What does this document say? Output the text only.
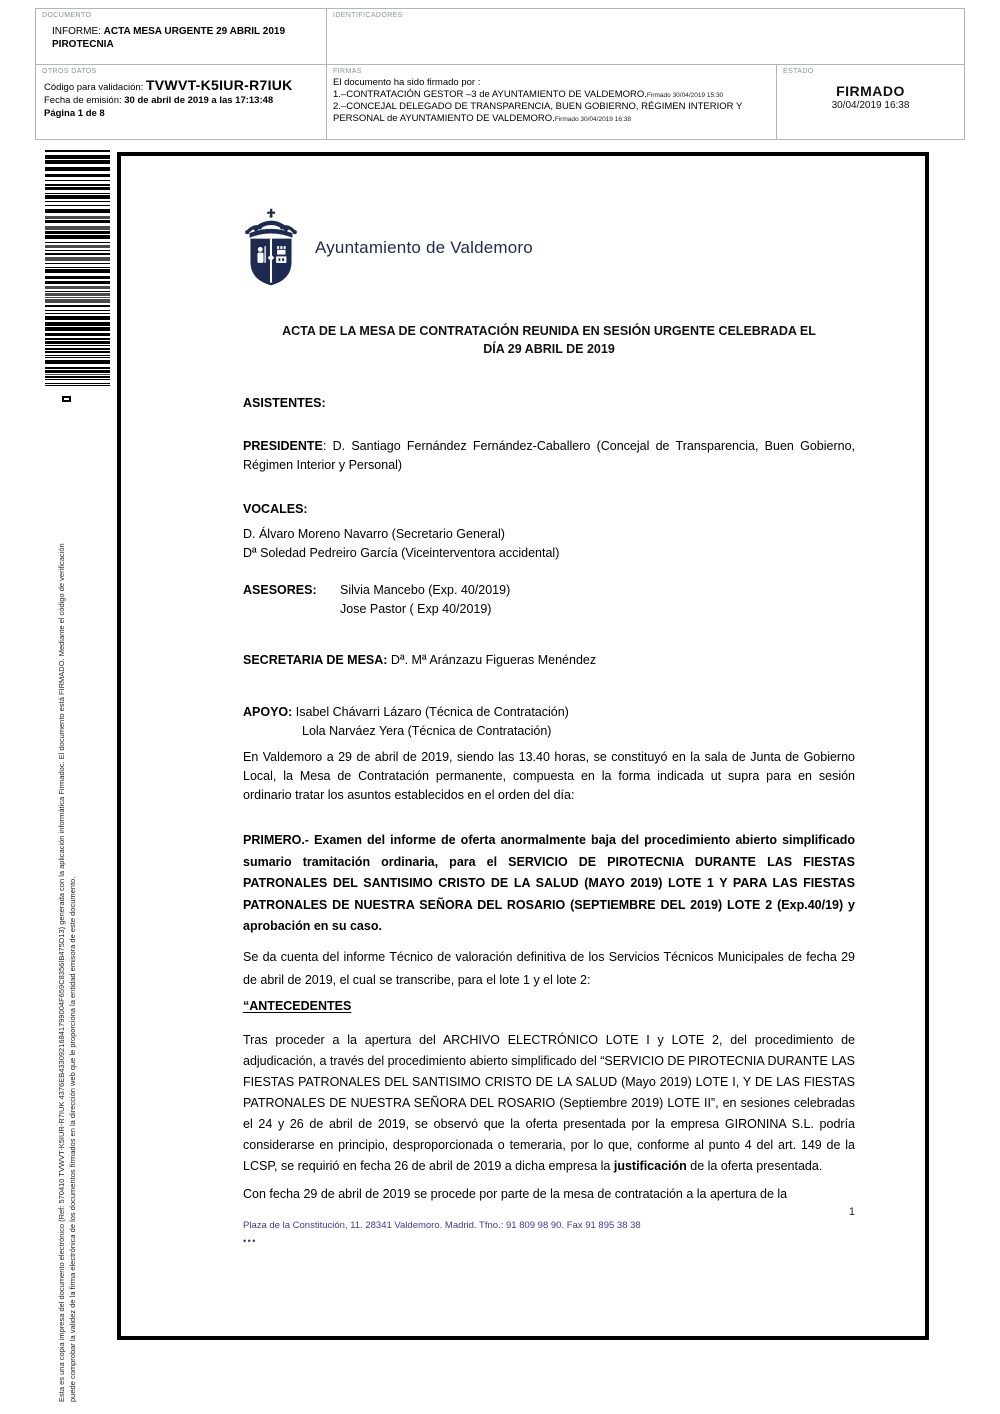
DOCUMENTO
INFORME: ACTA MESA URGENTE 29 ABRIL 2019 PIROTECNIA
IDENTIFICADORES
OTROS DATOS
Código para validación: TVWVT-K5IUR-R7IUK
Fecha de emisión: 30 de abril de 2019 a las 17:13:48
Página 1 de 8
FIRMAS
El documento ha sido firmado por :
1.–CONTRATACIÓN GESTOR –3 de AYUNTAMIENTO DE VALDEMORO.Firmado 30/04/2019 15:30
2.–CONCEJAL DELEGADO DE TRANSPARENCIA, BUEN GOBIERNO, RÉGIMEN INTERIOR Y PERSONAL de AYUNTAMIENTO DE VALDEMORO.Firmado 30/04/2019 16:38
ESTADO
FIRMADO
30/04/2019 16:38
Esta es una copia impresa del documento electrónico (Ref: 570410 TVWVT-K5IUR-R7IUK 4376EB43309216841799004F659C8356IB475D13) generada con la aplicación informática Firmadoc. El documento está FIRMADO. Mediante el código de verificación puede comprobar la validez de la firma electrónica de los documentos firmados en la dirección web que le proporciona la entidad emisora de este documento.
Ayuntamiento de Valdemoro
ACTA DE LA MESA DE CONTRATACIÓN REUNIDA EN SESIÓN URGENTE CELEBRADA EL
DÍA 29 ABRIL DE 2019
ASISTENTES:
PRESIDENTE: D. Santiago Fernández Fernández-Caballero (Concejal de Transparencia, Buen Gobierno, Régimen Interior y Personal)
VOCALES:
D. Álvaro Moreno Navarro (Secretario General)
Dª Soledad Pedreiro García (Viceinterventora accidental)
ASESORES:	Silvia Mancebo (Exp. 40/2019)
Jose Pastor ( Exp 40/2019)
SECRETARIA DE MESA: Dª. Mª Aránzazu Figueras Menéndez
APOYO: Isabel Chávarri Lázaro (Técnica de Contratación)
Lola Narváez Yera (Técnica de Contratación)
En Valdemoro a 29 de abril de 2019, siendo las 13.40 horas, se constituyó en la sala de Junta de Gobierno Local, la Mesa de Contratación permanente, compuesta en la forma indicada ut supra para en sesión ordinario tratar los asuntos establecidos en el orden del día:
PRIMERO.- Examen del informe de oferta anormalmente baja del procedimiento abierto simplificado sumario tramitación ordinaria, para el SERVICIO DE PIROTECNIA DURANTE LAS FIESTAS PATRONALES DEL SANTISIMO CRISTO DE LA SALUD (MAYO 2019) LOTE 1 Y PARA LAS FIESTAS PATRONALES DE NUESTRA SEÑORA DEL ROSARIO (SEPTIEMBRE DEL 2019) LOTE 2 (Exp.40/19) y aprobación en su caso.
Se da cuenta del informe Técnico de valoración definitiva de los Servicios Técnicos Municipales de fecha 29 de abril de 2019, el cual se transcribe, para el lote 1 y el lote 2:
“ANTECEDENTES
Tras proceder a la apertura del ARCHIVO ELECTRÓNICO LOTE I y LOTE 2, del procedimiento de adjudicación, a través del procedimiento abierto simplificado del “SERVICIO DE PIROTECNIA DURANTE LAS FIESTAS PATRONALES DEL SANTISIMO CRISTO DE LA SALUD (Mayo 2019) LOTE I, Y DE LAS FIESTAS PATRONALES DE NUESTRA SEÑORA DEL ROSARIO (Septiembre 2019) LOTE II”, en sesiones celebradas el 24 y 26 de abril de 2019, se observó que la oferta presentada por la empresa GIRONINA S.L. podría considerarse en principio, desproporcionada o temeraria, por lo que, conforme al punto 4 del art. 149 de la LCSP, se requirió en fecha 26 de abril de 2019 a dicha empresa la justificación de la oferta presentada.
Con fecha 29 de abril de 2019 se procede por parte de la mesa de contratación a la apertura de la
1
Plaza de la Constitución, 11. 28341 Valdemoro. Madrid. Tfno.: 91 809 98 90. Fax 91 895 38 38
•••
